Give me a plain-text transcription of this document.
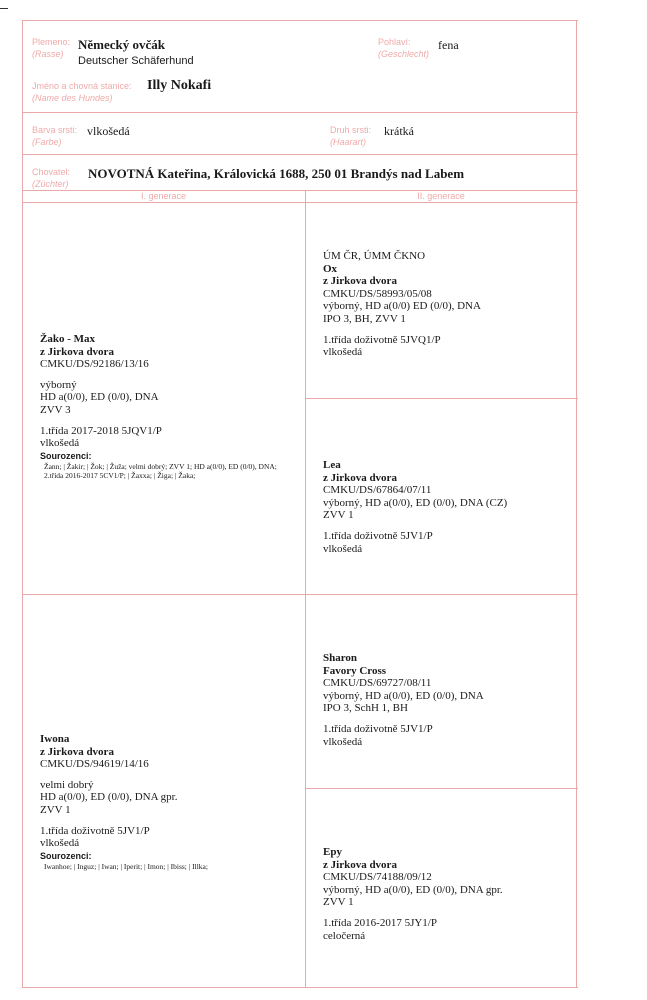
Plemeno:
(Rasse)
Německý ovčák
Deutscher Schäferhund
Pohlaví:
(Geschlecht)
fena
Jméno a chovná stanice:
(Name des Hundes)
Illy Nokafi
Barva srsti:
(Farbe)
vlkošedá	Druh srsti:
(Haarart)
krátká
Chovatel:
(Züchter)
NOVOTNÁ Kateřina, Královická 1688, 250 01 Brandýs nad Labem
I. generace	II. generace
Žako - Max
z Jirkova dvora
CMKU/DS/92186/13/16
výborný
HD a(0/0), ED (0/0), DNA
ZVV 3
1.třída 2017-2018 5JQV1/P
vlkošedá
Sourozenci:
Žann; | Žakir; | Žok; | Žuža; velmi dobrý; ZVV 1; HD a(0/0), ED (0/0), DNA; 2.třída 2016-2017 5CV1/P; | Žaxxa; | Žiga; | Žaka;
ÚM ČR, ÚMM ČKNO
Ox
z Jirkova dvora
CMKU/DS/58993/05/08
výborný, HD a(0/0) ED (0/0), DNA
IPO 3, BH, ZVV 1
1.třída doživotně 5JVQ1/P
vlkošedá
Lea
z Jirkova dvora
CMKU/DS/67864/07/11
výborný, HD a(0/0), ED (0/0), DNA (CZ)
ZVV 1
1.třída doživotně 5JV1/P
vlkošedá
Iwona
z Jirkova dvora
CMKU/DS/94619/14/16
velmi dobrý
HD a(0/0), ED (0/0), DNA gpr.
ZVV 1
1.třída doživotně 5JV1/P
vlkošedá
Sourozenci:
Iwanhoe; | Inguz; | Iwan; | Iperit; | Imon; | Ibiss; | Illka;
Sharon
Favory Cross
CMKU/DS/69727/08/11
výborný, HD a(0/0), ED (0/0), DNA
IPO 3, SchH 1, BH
1.třída doživotně 5JV1/P
vlkošedá
Epy
z Jirkova dvora
CMKU/DS/74188/09/12
výborný, HD a(0/0), ED (0/0), DNA gpr.
ZVV 1
1.třída 2016-2017 5JY1/P
celočerná
